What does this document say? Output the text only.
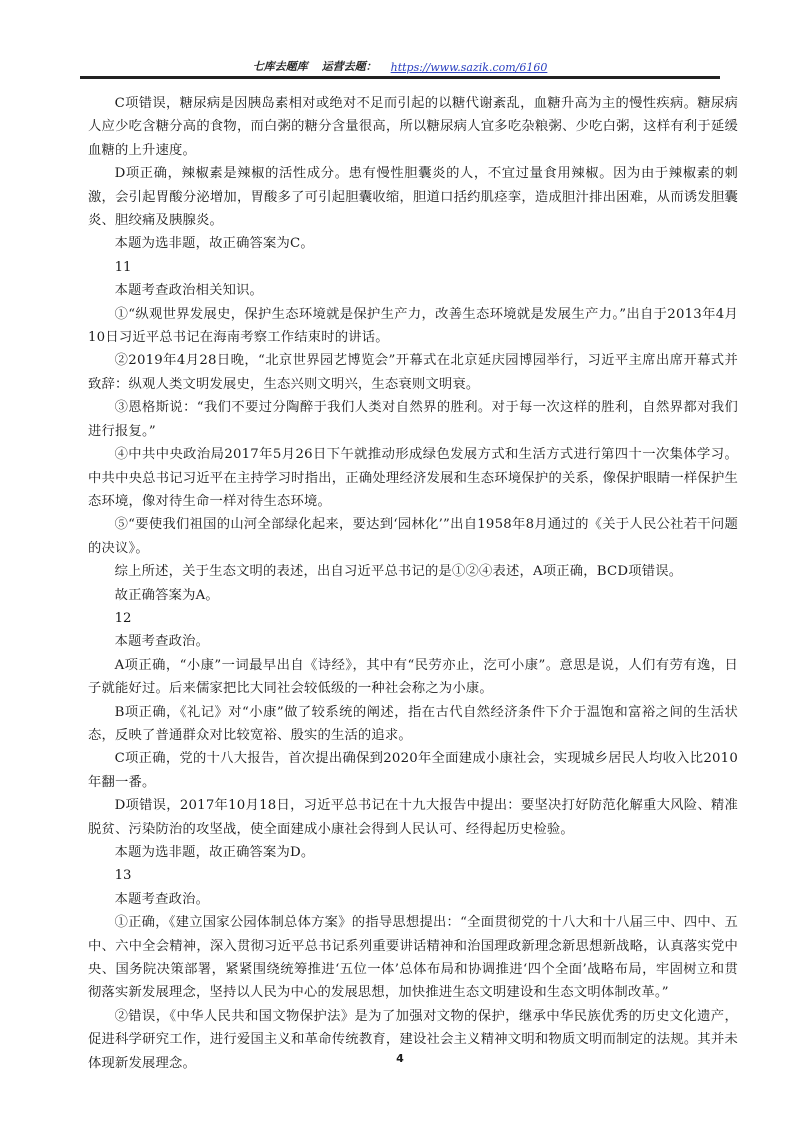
七库去题库 运营去题： https://www.sazik.com/6160

C项错误，糖尿病是因胰岛素相对或绝对不足而引起的以糖代谢紊乱，血糖升高为主的慢性疾病。糖尿病人应少吃含糖分高的食物，而白粥的糖分含量很高，所以糖尿病人宜多吃杂粮粥、少吃白粥，这样有利于延缓血糖的上升速度。

D项正确，辣椒素是辣椒的活性成分。患有慢性胆囊炎的人，不宜过量食用辣椒。因为由于辣椒素的刺激，会引起胃酸分泌增加，胃酸多了可引起胆囊收缩，胆道口括约肌痉挛，造成胆汁排出困难，从而诱发胆囊炎、胆绞痛及胰腺炎。

本题为选非题，故正确答案为C。

11

本题考查政治相关知识。

①“纵观世界发展史，保护生态环境就是保护生产力，改善生态环境就是发展生产力。”出自于2013年4月10日习近平总书记在海南考察工作结束时的讲话。

②2019年4月28日晚，“北京世界园艺博览会”开幕式在北京延庆园博园举行，习近平主席出席开幕式并致辞：纵观人类文明发展史，生态兴则文明兴，生态衰则文明衰。

③恩格斯说：“我们不要过分陶醉于我们人类对自然界的胜利。对于每一次这样的胜利，自然界都对我们进行报复。”

④中共中央政治局2017年5月26日下午就推动形成绿色发展方式和生活方式进行第四十一次集体学习。中共中央总书记习近平在主持学习时指出，正确处理经济发展和生态环境保护的关系，像保护眼睛一样保护生态环境，像对待生命一样对待生态环境。

⑤“要使我们祖国的山河全部绿化起来，要达到‘园林化’”出自1958年8月通过的《关于人民公社若干问题的决议》。

综上所述，关于生态文明的表述，出自习近平总书记的是①②④表述，A项正确，BCD项错误。

故正确答案为A。

12

本题考查政治。

A项正确，“小康”一词最早出自《诗经》，其中有“民劳亦止，汔可小康”。意思是说，人们有劳有逸，日子就能好过。后来儒家把比大同社会较低级的一种社会称之为小康。

B项正确，《礼记》对“小康”做了较系统的阐述，指在古代自然经济条件下介于温饱和富裕之间的生活状态，反映了普通群众对比较宽裕、殷实的生活的追求。

C项正确，党的十八大报告，首次提出确保到2020年全面建成小康社会，实现城乡居民人均收入比2010年翻一番。

D项错误，2017年10月18日，习近平总书记在十九大报告中提出：要坚决打好防范化解重大风险、精准脱贫、污染防治的攻坚战，使全面建成小康社会得到人民认可、经得起历史检验。

本题为选非题，故正确答案为D。

13

本题考查政治。

①正确，《建立国家公园体制总体方案》的指导思想提出：“全面贯彻党的十八大和十八届三中、四中、五中、六中全会精神，深入贯彻习近平总书记系列重要讲话精神和治国理政新理念新思想新战略，认真落实党中央、国务院决策部署，紧紧围绕统筹推进‘五位一体’总体布局和协调推进‘四个全面’战略布局，牢固树立和贯彻落实新发展理念，坚持以人民为中心的发展思想，加快推进生态文明建设和生态文明体制改革。”

②错误，《中华人民共和国文物保护法》是为了加强对文物的保护，继承中华民族优秀的历史文化遗产，促进科学研究工作，进行爱国主义和革命传统教育，建设社会主义精神文明和物质文明而制定的法规。其并未体现新发展理念。	4
